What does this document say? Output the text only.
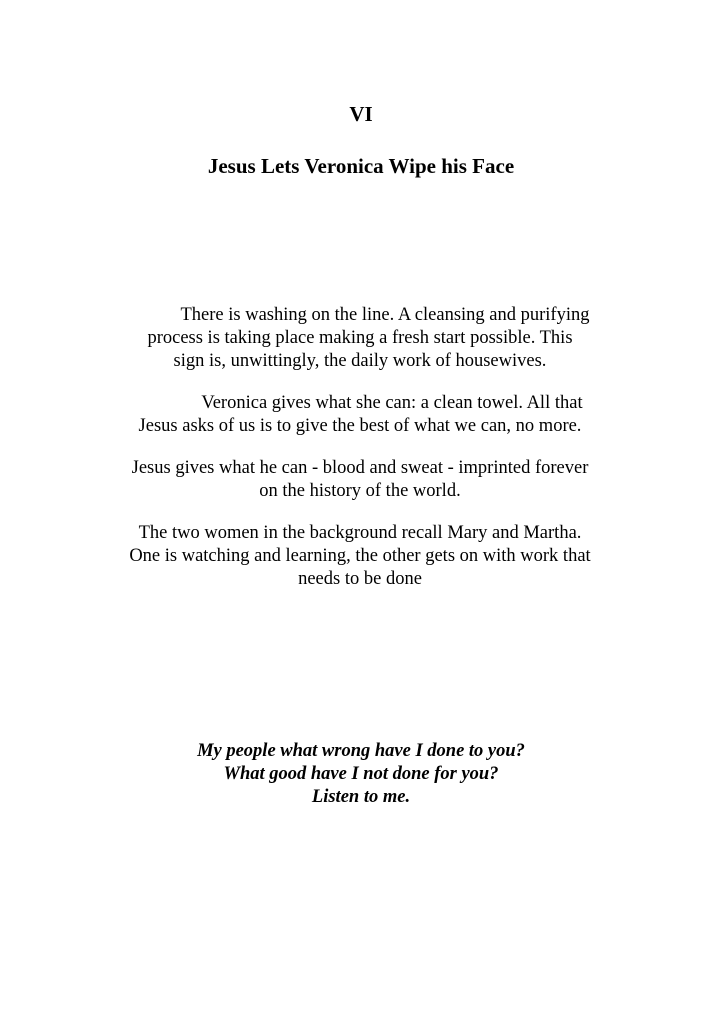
VI
Jesus Lets Veronica Wipe his Face
There is washing on the line. A cleansing and purifying
process is taking place making a fresh start possible. This
sign is, unwittingly, the daily work of housewives.
Veronica gives what she can: a clean towel. All that
Jesus asks of us is to give the best of what we can, no more.
Jesus gives what he can - blood and sweat - imprinted forever
on the history of the world.
The two women in the background recall Mary and Martha.
One is watching and learning, the other gets on with work that
needs to be done
My people what wrong have I done to you?
What good have I not done for you?
Listen to me.
